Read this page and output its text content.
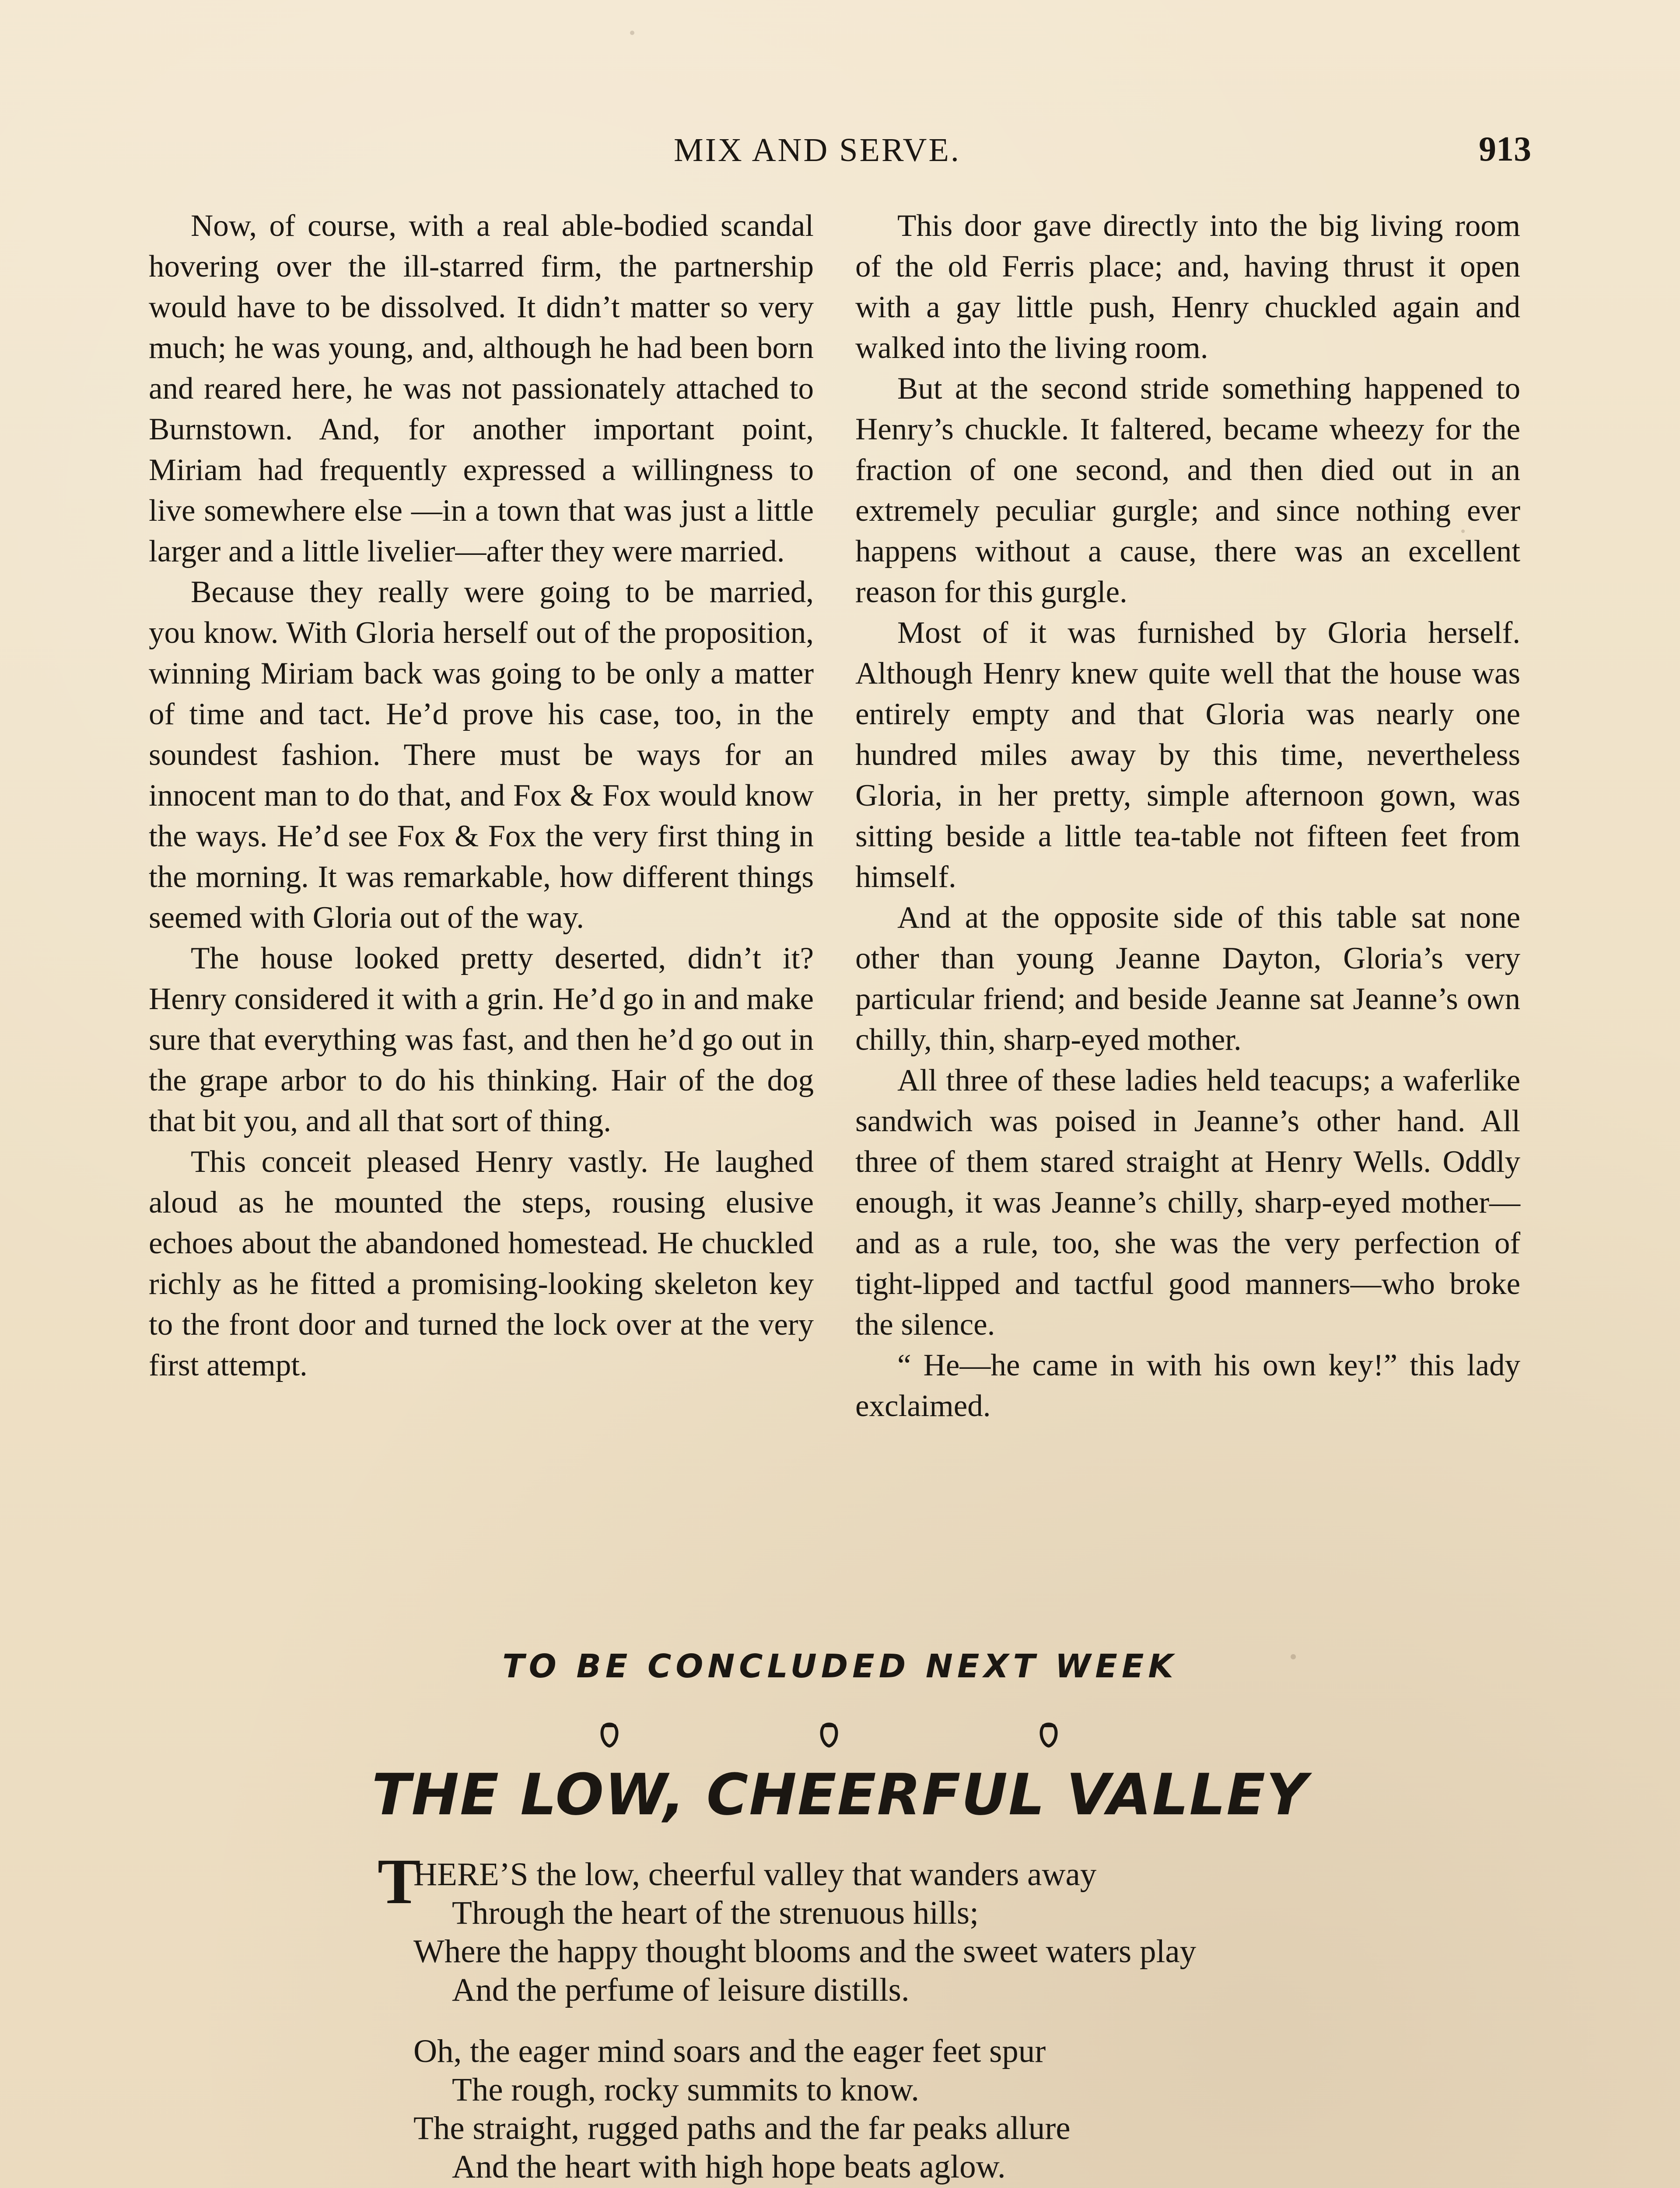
MIX AND SERVE.	913

Now, of course, with a real able-bodied scandal hovering over the ill-starred firm, the partnership would have to be dissolved. It didn’t matter so very much; he was young, and, although he had been born and reared here, he was not passionately attached to Burnstown. And, for another important point, Miriam had frequently expressed a willingness to live somewhere else —in a town that was just a little larger and a little livelier—after they were married.

Because they really were going to be married, you know. With Gloria herself out of the proposition, winning Miriam back was going to be only a matter of time and tact. He’d prove his case, too, in the soundest fashion. There must be ways for an innocent man to do that, and Fox & Fox would know the ways. He’d see Fox & Fox the very first thing in the morning. It was remarkable, how different things seemed with Gloria out of the way.

The house looked pretty deserted, didn’t it? Henry considered it with a grin. He’d go in and make sure that everything was fast, and then he’d go out in the grape arbor to do his thinking. Hair of the dog that bit you, and all that sort of thing.

This conceit pleased Henry vastly. He laughed aloud as he mounted the steps, rousing elusive echoes about the abandoned homestead. He chuckled richly as he fitted a promising-looking skeleton key to the front door and turned the lock over at the very first attempt.

This door gave directly into the big living room of the old Ferris place; and, having thrust it open with a gay little push, Henry chuckled again and walked into the living room.

But at the second stride something happened to Henry’s chuckle. It faltered, became wheezy for the fraction of one second, and then died out in an extremely peculiar gurgle; and since nothing ever happens without a cause, there was an excellent reason for this gurgle.

Most of it was furnished by Gloria herself. Although Henry knew quite well that the house was entirely empty and that Gloria was nearly one hundred miles away by this time, nevertheless Gloria, in her pretty, simple afternoon gown, was sitting beside a little tea-table not fifteen feet from himself.

And at the opposite side of this table sat none other than young Jeanne Dayton, Gloria’s very particular friend; and beside Jeanne sat Jeanne’s own chilly, thin, sharp-eyed mother.

All three of these ladies held teacups; a waferlike sandwich was poised in Jeanne’s other hand. All three of them stared straight at Henry Wells. Oddly enough, it was Jeanne’s chilly, sharp-eyed mother—and as a rule, too, she was the very perfection of tight-lipped and tactful good manners—who broke the silence.

“ He—he came in with his own key!” this lady exclaimed.

TO BE CONCLUDED NEXT WEEK
THE LOW, CHEERFUL VALLEY
T
HERE’S the low, cheerful valley that wanders away
Through the heart of the strenuous hills;
Where the happy thought blooms and the sweet waters play
And the perfume of leisure distills.
Oh, the eager mind soars and the eager feet spur
The rough, rocky summits to know.
The straight, rugged paths and the far peaks allure
And the heart with high hope beats aglow.
